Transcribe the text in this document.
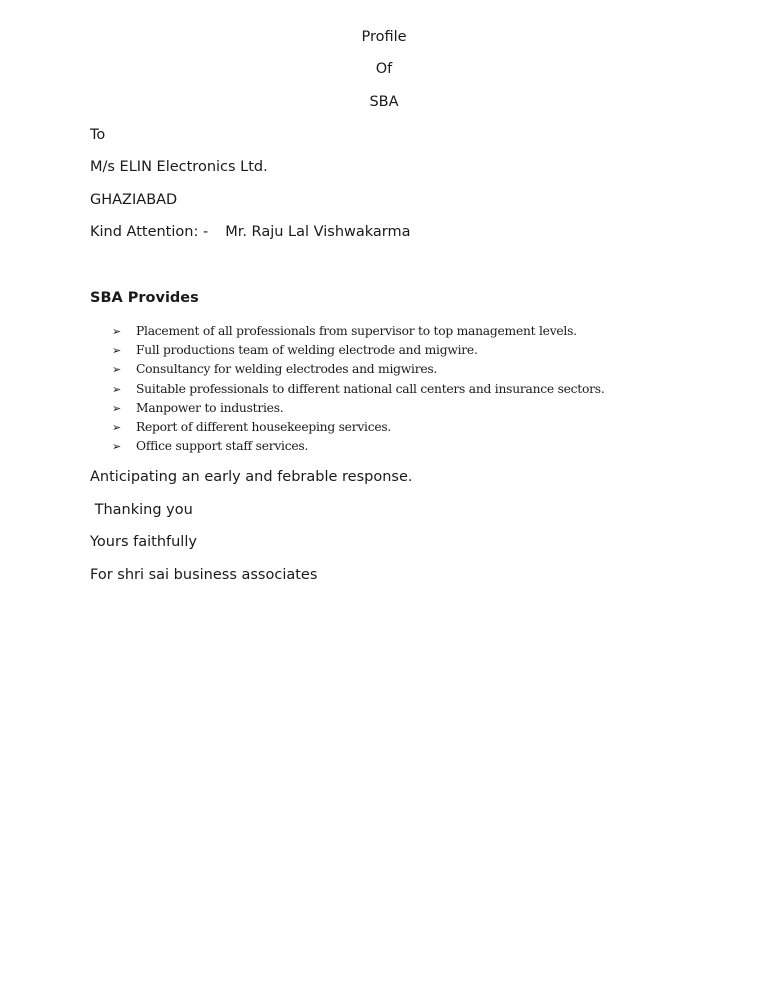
Profile
Of
SBA
To
M/s ELIN Electronics Ltd.
GHAZIABAD
Kind Attention: - Mr. Raju Lal Vishwakarma
SBA Provides
➢ Placement of all professionals from supervisor to top management levels.
➢ Full productions team of welding electrode and migwire.
➢ Consultancy for welding electrodes and migwires.
➢ Suitable professionals to different national call centers and insurance sectors.
➢ Manpower to industries.
➢ Report of different housekeeping services.
➢ Office support staff services.
Anticipating an early and febrable response.
Thanking you
Yours faithfully
For shri sai business associates
